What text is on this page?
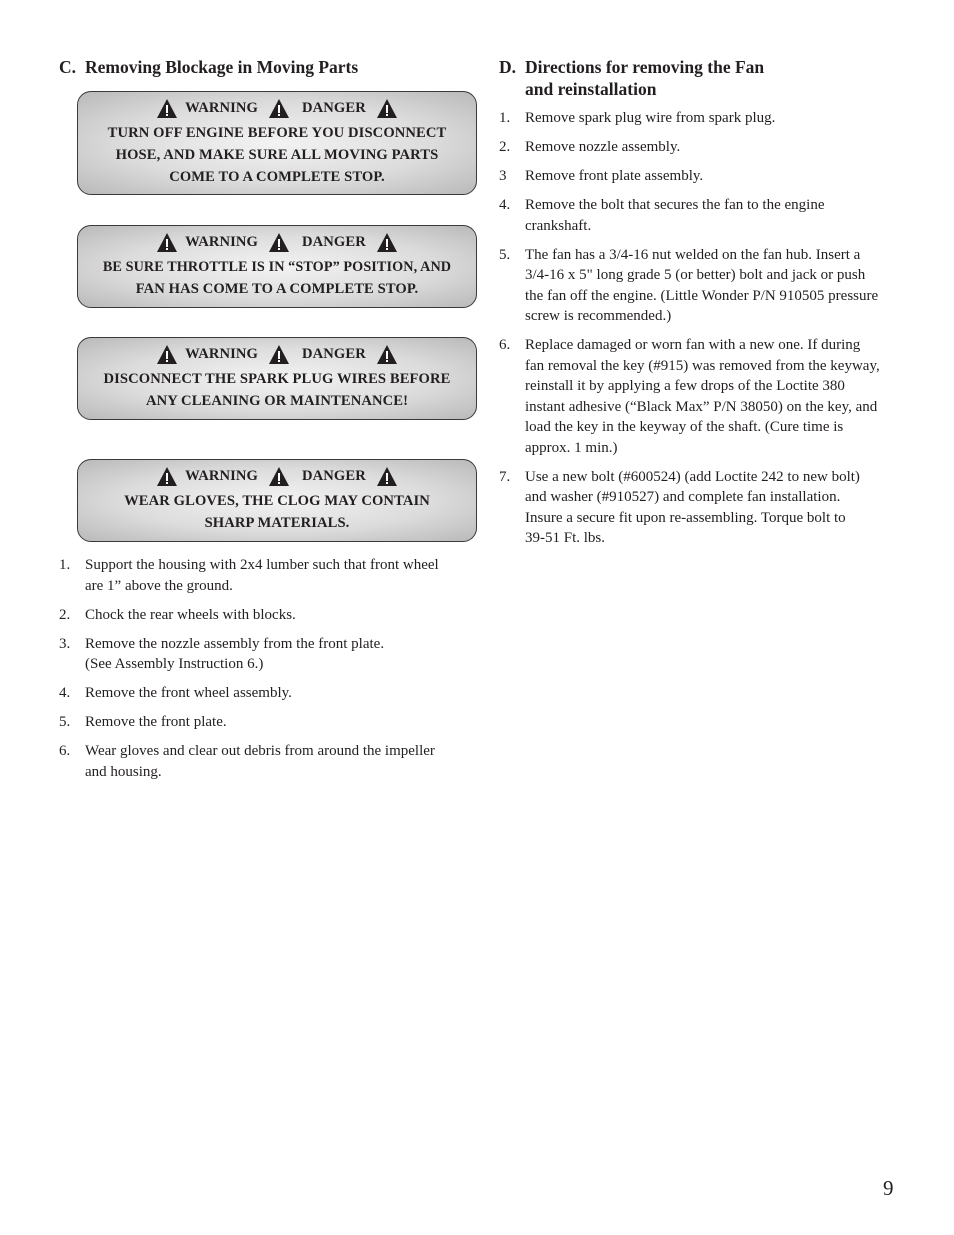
C. Removing Blockage in Moving Parts
WARNING	DANGER
TURN OFF ENGINE BEFORE YOU DISCONNECT
HOSE, AND MAKE SURE ALL MOVING PARTS
COME TO A COMPLETE STOP.
WARNING	DANGER
BE SURE THROTTLE IS IN “STOP” POSITION, AND
FAN HAS COME TO A COMPLETE STOP.
WARNING	DANGER
DISCONNECT THE SPARK PLUG WIRES BEFORE
ANY CLEANING OR MAINTENANCE!
WARNING	DANGER
WEAR GLOVES, THE CLOG MAY CONTAIN
SHARP MATERIALS.
1. Support the housing with 2x4 lumber such that front wheel
are 1” above the ground.
2. Chock the rear wheels with blocks.
3. Remove the nozzle assembly from the front plate.
(See Assembly Instruction 6.)
4. Remove the front wheel assembly.
5. Remove the front plate.
6. Wear gloves and clear out debris from around the impeller
and housing.
D. Directions for removing the Fan
and reinstallation
1. Remove spark plug wire from spark plug.
2. Remove nozzle assembly.
3 Remove front plate assembly.
4. Remove the bolt that secures the fan to the engine
crankshaft.
5. The fan has a 3/4-16 nut welded on the fan hub. Insert a
3/4-16 x 5" long grade 5 (or better) bolt and jack or push
the fan off the engine. (Little Wonder P/N 910505 pressure
screw is recommended.)
6. Replace damaged or worn fan with a new one. If during
fan removal the key (#915) was removed from the keyway,
reinstall it by applying a few drops of the Loctite 380
instant adhesive (“Black Max” P/N 38050) on the key, and
load the key in the keyway of the shaft. (Cure time is
approx. 1 min.)
7. Use a new bolt (#600524) (add Loctite 242 to new bolt)
and washer (#910527) and complete fan installation.
Insure a secure fit upon re-assembling. Torque bolt to
39-51 Ft. lbs.
9
